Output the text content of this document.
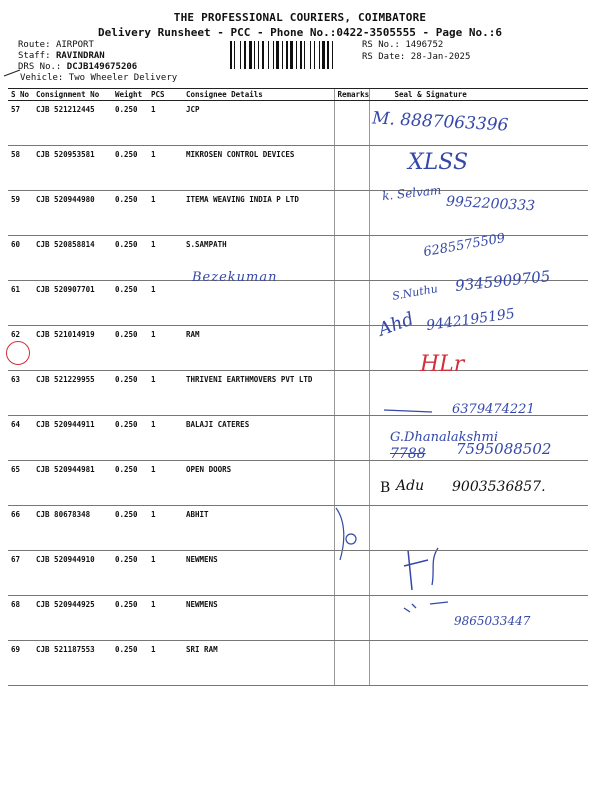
THE PROFESSIONAL COURIERS, COIMBATORE
Delivery Runsheet - PCC - Phone No.:0422-3505555 - Page No.:6
Route: AIRPORT
Staff: RAVINDRAN
DRS No.: DCJB149675206
Vehicle: Two Wheeler Delivery
RS No.: 1496752
RS Date: 28-Jan-2025
S No	Consignment No	Weight	PCS	Consignee Details	Remarks	Seal & Signature
57	CJB 521212445	0.250	1	JCP		
58	CJB 520953581	0.250	1	MIKROSEN CONTROL DEVICES		
59	CJB 520944980	0.250	1	ITEMA WEAVING INDIA P LTD		
60	CJB 520858814	0.250	1	S.SAMPATH		
61	CJB 520907701	0.250	1			
62	CJB 521014919	0.250	1	RAM		
63	CJB 521229955	0.250	1	THRIVENI EARTHMOVERS PVT LTD		
64	CJB 520944911	0.250	1	BALAJI CATERES		
65	CJB 520944981	0.250	1	OPEN DOORS		
66	CJB 80678348	0.250	1	ABHIT		
67	CJB 520944910	0.250	1	NEWMENS		
68	CJB 520944925	0.250	1	NEWMENS		
69	CJB 521187553	0.250	1	SRI RAM		
M. 8887063396
XLSS
k. Selvam
9952200333
6285575509
Bezekuman
S.Nuthu 9345909705
Ahd 9442195195
HLr
6379474221
G.Dhanalakshmi
7788 7595088502
B Adu 9003536857.
9865033447
